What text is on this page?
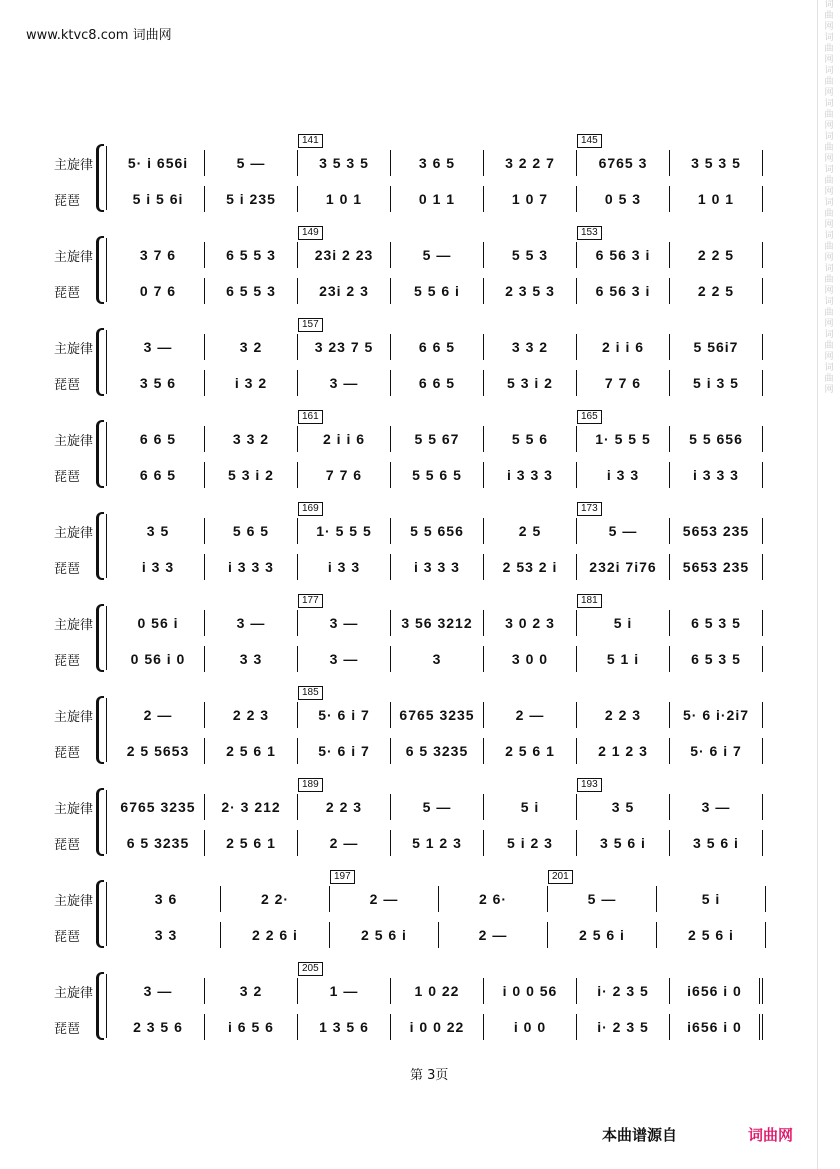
www.ktvc8.com 词曲网
词曲网词曲网词曲网词曲网词曲网词曲网词曲网词曲网词曲网词曲网词曲网词曲网
主旋律
琵琶
5· i 656i	5 —	3 5 3 5	3 6 5	3 2 2 7	6765 3	3 5 3 5
5 i 5 6i	5 i 235	1 0 1	0 1 1	1 0 7	0 5 3	1 0 1
141	145
主旋律
琵琶
3 7 6	6 5 5 3	23i 2 23	5 —	5 5 3	6 56 3 i	2 2 5
0 7 6	6 5 5 3	23i 2 3	5 5 6 i	2 3 5 3	6 56 3 i	2 2 5
149	153
主旋律
琵琶
3 —	3 2	3 23 7 5	6 6 5	3 3 2	2 i i 6	5 56i7
3 5 6	i 3 2	3 —	6 6 5	5 3 i 2	7 7 6	5 i 3 5
157
主旋律
琵琶
6 6 5	3 3 2	2 i i 6	5 5 67	5 5 6	1· 5 5 5	5 5 656
6 6 5	5 3 i 2	7 7 6	5 5 6 5	i 3 3 3	i 3 3	i 3 3 3
161	165
主旋律
琵琶
3 5	5 6 5	1· 5 5 5	5 5 656	2 5	5 —	5653 235
i 3 3	i 3 3 3	i 3 3	i 3 3 3	2 53 2 i	232i 7i76	5653 235
169	173
主旋律
琵琶
0 56 i	3 —	3 —	3 56 3212	3 0 2 3	5 i	6 5 3 5
0 56 i 0	3 3	3 —	3	3 0 0	5 1 i	6 5 3 5
177	181
主旋律
琵琶
2 —	2 2 3	5· 6 i 7	6765 3235	2 —	2 2 3	5· 6 i·2i7
2 5 5653	2 5 6 1	5· 6 i 7	6 5 3235	2 5 6 1	2 1 2 3	5· 6 i 7
185
主旋律
琵琶
6765 3235	2· 3 212	2 2 3	5 —	5 i	3 5	3 —
6 5 3235	2 5 6 1	2 —	5 1 2 3	5 i 2 3	3 5 6 i	3 5 6 i
189	193
主旋律
琵琶
3 6	2 2·	2 —	2 6·	5 —	5 i
3 3	2 2 6 i	2 5 6 i	2 —	2 5 6 i	2 5 6 i
197	201
主旋律
琵琶
3 —	3 2	1 —	1 0 22	i 0 0 56	i· 2 3 5	i656 i 0
2 3 5 6	i 6 5 6	1 3 5 6	i 0 0 22	i 0 0	i· 2 3 5	i656 i 0
205
第 3页
本曲谱源自	词曲网
